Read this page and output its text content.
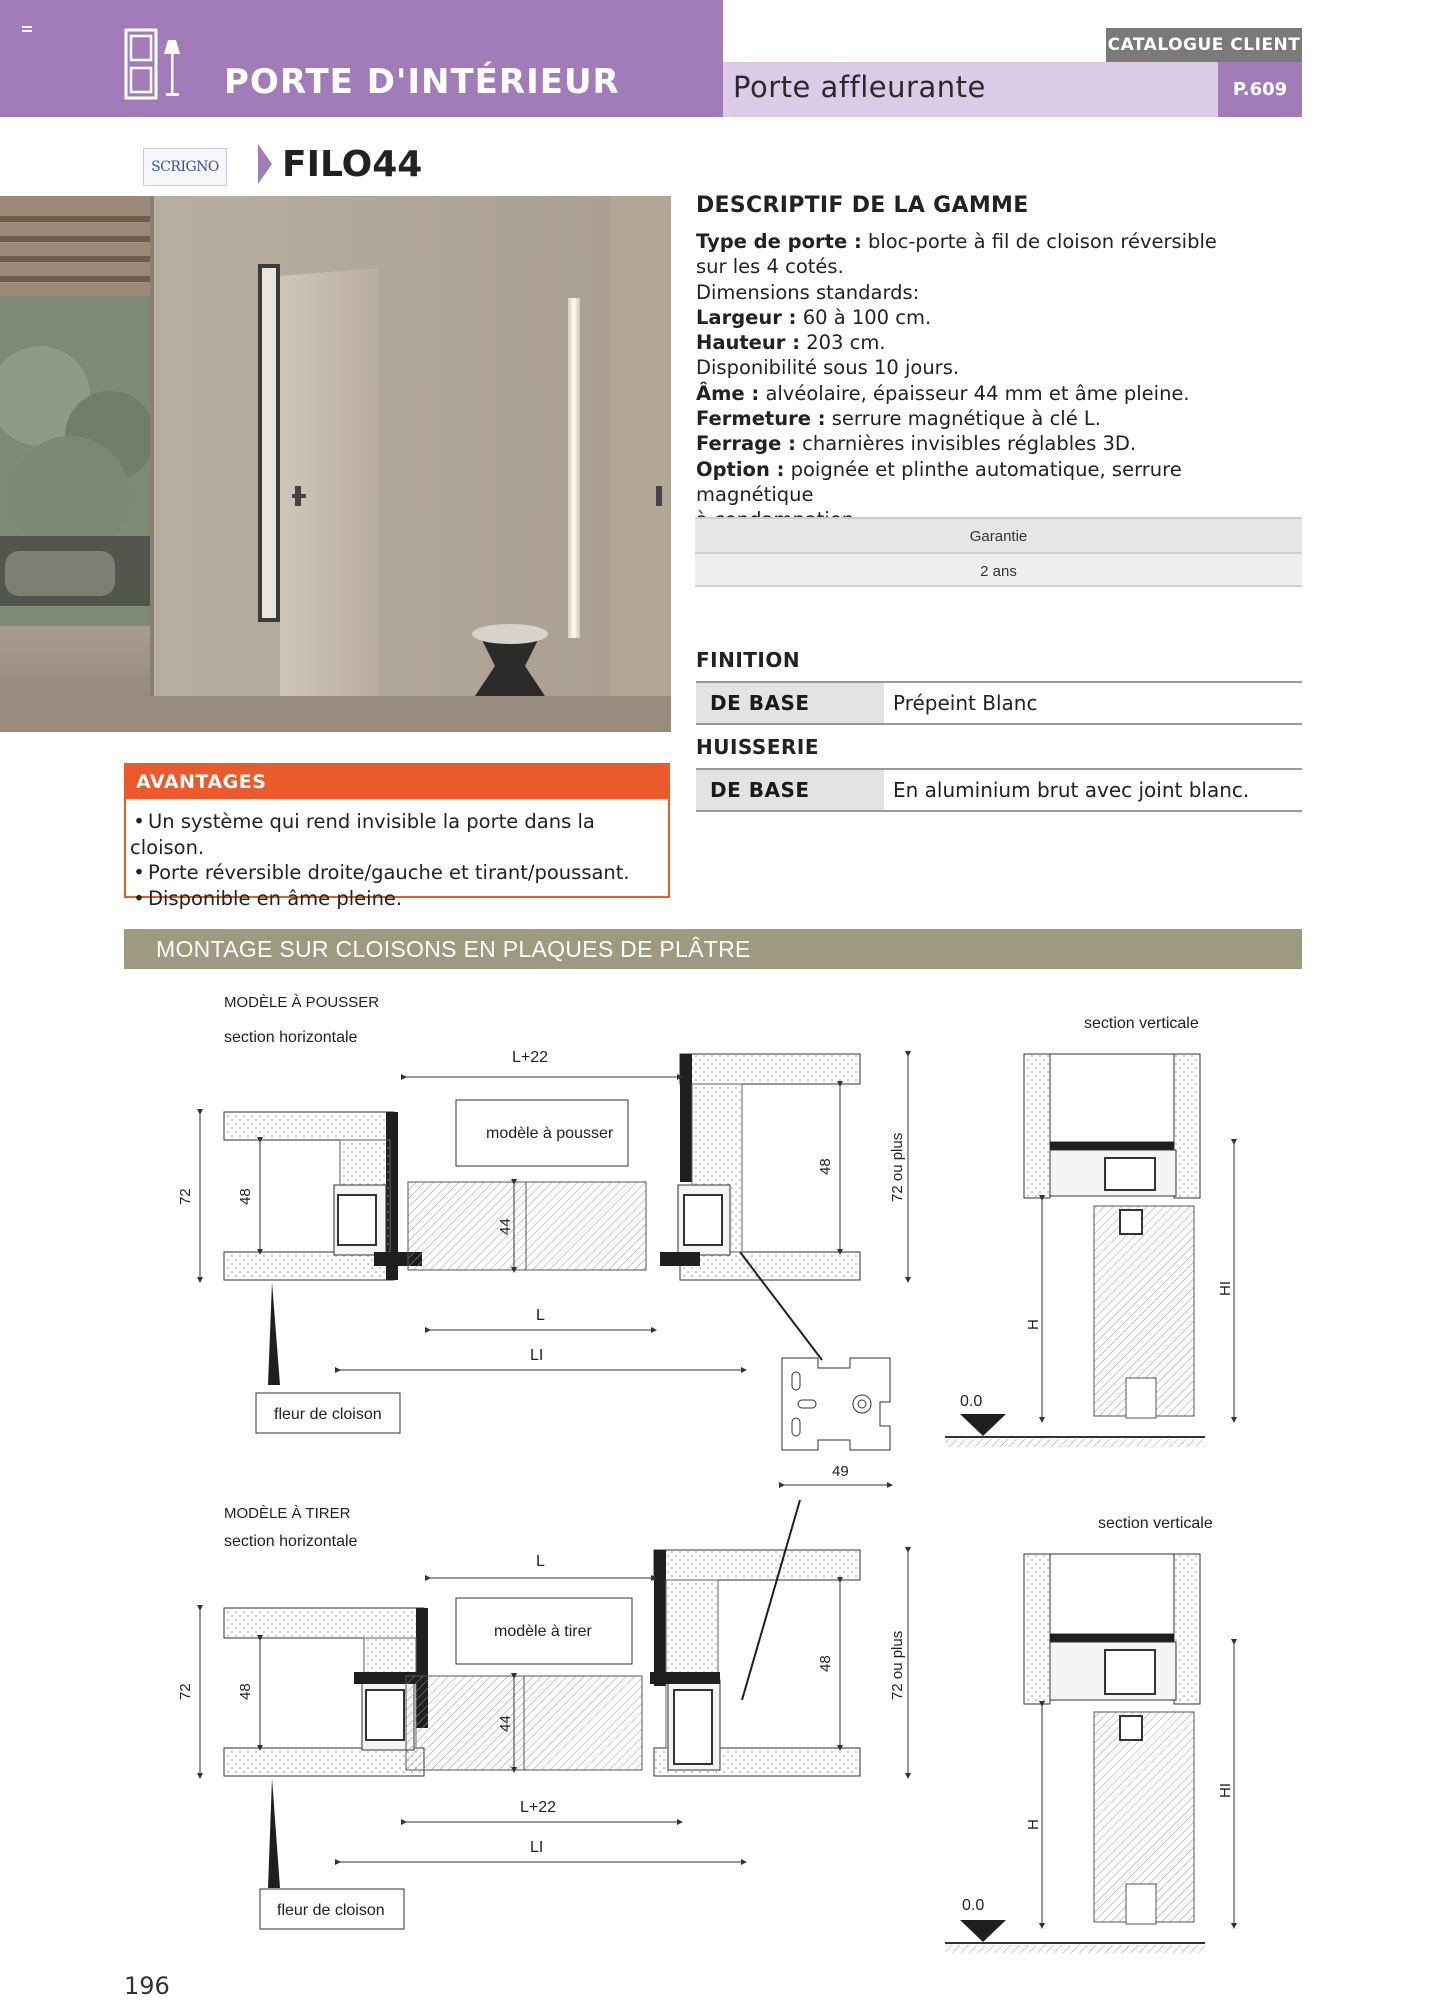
PORTE D'INTÉRIEUR	Porte affleurante
CATALOGUE CLIENT
P.609
SCRIGNO FILO44
DESCRIPTIF DE LA GAMME
Type de porte : bloc-porte à fil de cloison réversible
sur les 4 cotés.
Dimensions standards:
Largeur : 60 à 100 cm.
Hauteur : 203 cm.
Disponibilité sous 10 jours.
Âme : alvéolaire, épaisseur 44 mm et âme pleine.
Fermeture : serrure magnétique à clé L.
Ferrage : charnières invisibles réglables 3D.
Option : poignée et plinthe automatique, serrure magnétique
Garantie
2 ans
FINITION
DE BASE	Prépeint Blanc
HUISSERIE
DE BASE	En aluminium brut avec joint blanc.
AVANTAGES
• Un système qui rend invisible la porte dans la cloison.
• Porte réversible droite/gauche et tirant/poussant.
• Disponible en âme pleine.
MONTAGE SUR CLOISONS EN PLAQUES DE PLÂTRE
MODÈLE À POUSSER
section horizontale
L+22
modèle à pousser
72	48
44
48	72 ou plus
L
LI
fleur de cloison
49
MODÈLE À TIRER
section horizontale
L
modèle à tirer
72	48
44
48	72 ou plus
L+22
LI
fleur de cloison
section verticale
H
HI
0.0
section verticale
H
HI
0.0
196
